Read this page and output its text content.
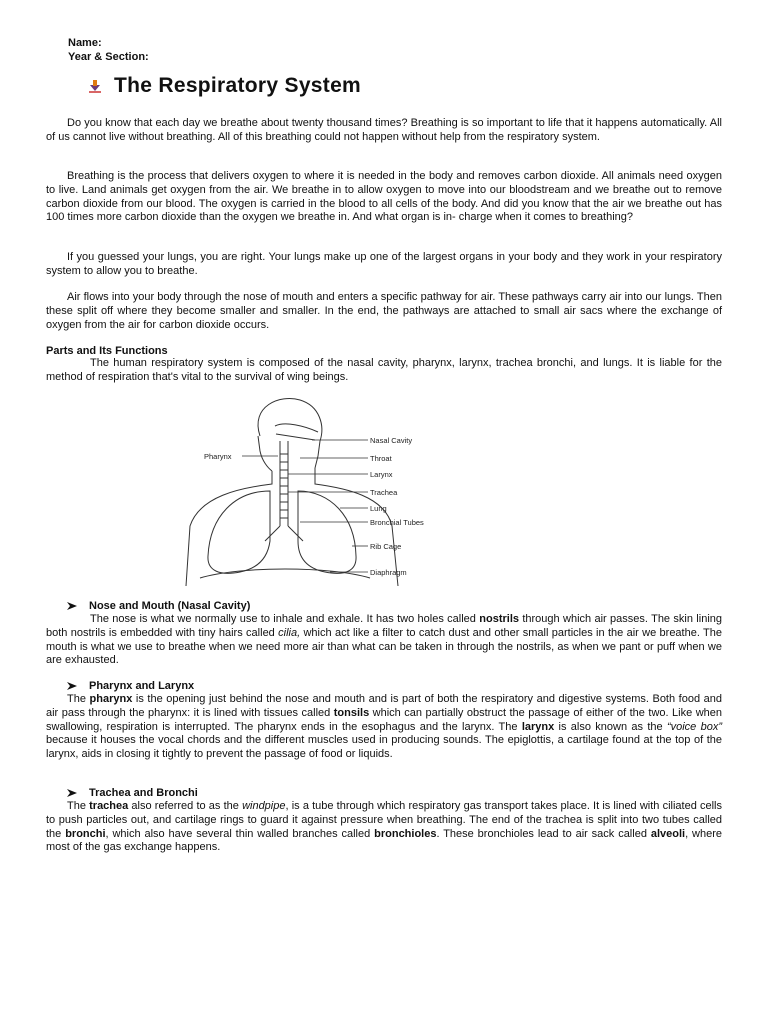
Name:
Year & Section:
The Respiratory System

Do you know that each day we breathe about twenty thousand times? Breathing is so important to life that it happens automatically. All of us cannot live without breathing. All of this breathing could not happen without help from the respiratory system.

Breathing is the process that delivers oxygen to where it is needed in the body and removes carbon dioxide. All animals need oxygen to live. Land animals get oxygen from the air. We breathe in to allow oxygen to move into our bloodstream and we breathe out to remove carbon dioxide from our blood. The oxygen is carried in the blood to all cells of the body. And did you know that the air we breathe out has 100 times more carbon dioxide than the oxygen we breathe in. And what organ is in- charge when it comes to breathing?

If you guessed your lungs, you are right. Your lungs make up one of the largest organs in your body and they work in your respiratory system to allow you to breathe.

Air flows into your body through the nose of mouth and enters a specific pathway for air. These pathways carry air into our lungs. Then these split off where they become smaller and smaller. In the end, the pathways are attached to small air sacs where the exchange of oxygen from the air for carbon dioxide occurs.

Parts and Its Functions

The human respiratory system is composed of the nasal cavity, pharynx, larynx, trachea bronchi, and lungs. It is liable for the method of respiration that's vital to the survival of wing beings.

Pharynx
Nasal Cavity
Throat
Larynx
Trachea
Lung
Bronchial Tubes
Rib Cage
Diaphragm
Nose and Mouth (Nasal Cavity)

The nose is what we normally use to inhale and exhale. It has two holes called nostrils through which air passes. The skin lining both nostrils is embedded with tiny hairs called cilia, which act like a filter to catch dust and other small particles in the air we breathe. The mouth is what we use to breathe when we need more air than what can be taken in through the nostrils, as when we pant or puff when we are exhausted.

Pharynx and Larynx

The pharynx is the opening just behind the nose and mouth and is part of both the respiratory and digestive systems. Both food and air pass through the pharynx: it is lined with tissues called tonsils which can partially obstruct the passage of either of the two. Like when swallowing, respiration is interrupted. The pharynx ends in the esophagus and the larynx. The larynx is also known as the “voice box” because it houses the vocal chords and the different muscles used in producing sounds. The epiglottis, a cartilage found at the top of the larynx, aids in closing it tightly to prevent the passage of food or liquids.

Trachea and Bronchi

The trachea also referred to as the windpipe, is a tube through which respiratory gas transport takes place. It is lined with ciliated cells to push particles out, and cartilage rings to guard it against pressure when breathing. The end of the trachea is split into two tubes called the bronchi, which also have several thin walled branches called bronchioles. These bronchioles lead to air sack called alveoli, where most of the gas exchange happens.
